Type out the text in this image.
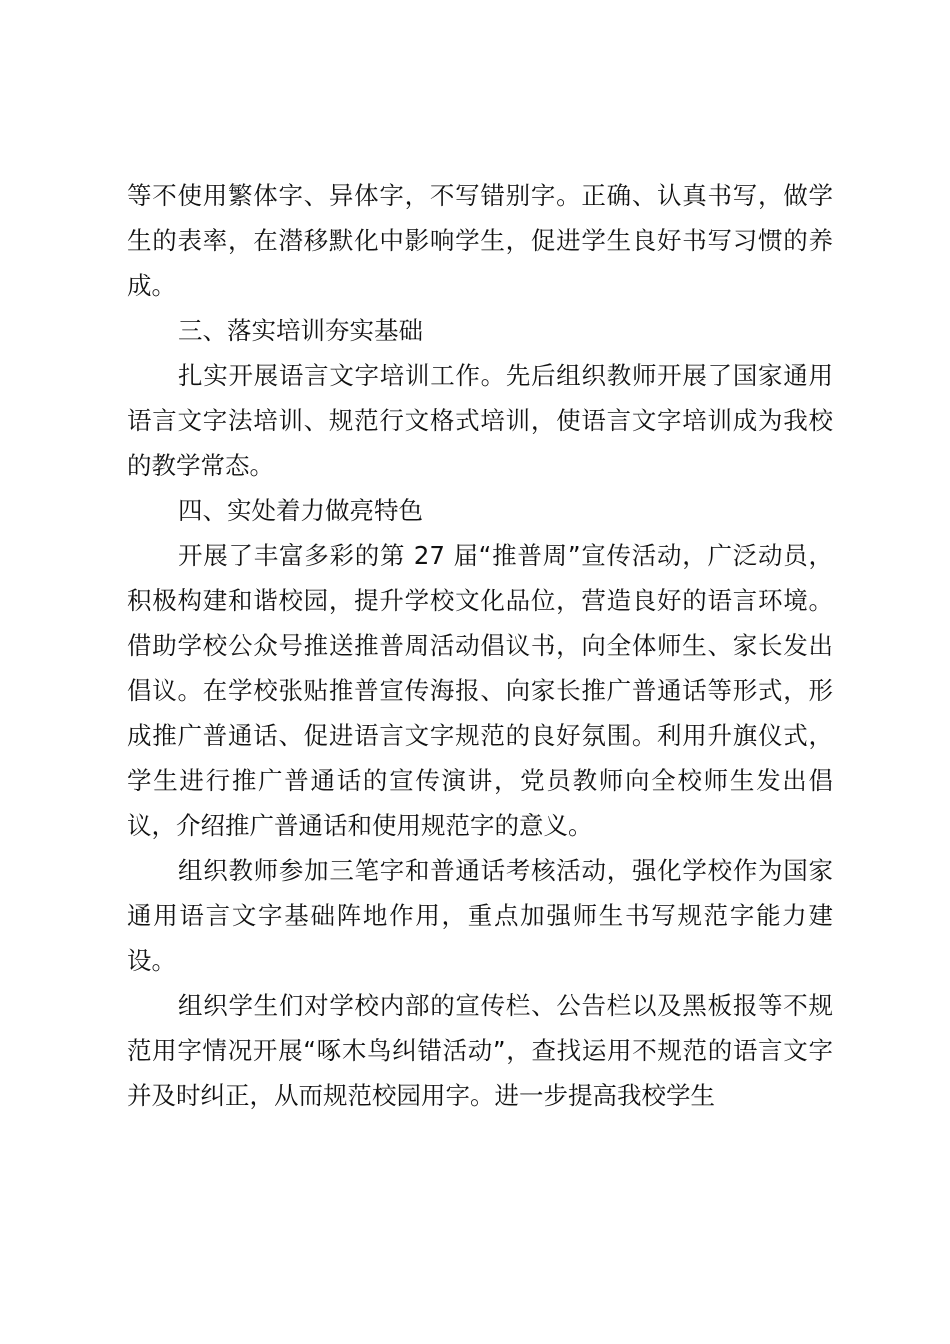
等不使用繁体字、异体字，不写错别字。正确、认真书写，做学生的表率，在潜移默化中影响学生，促进学生良好书写习惯的养成。

三、落实培训夯实基础

扎实开展语言文字培训工作。先后组织教师开展了国家通用语言文字法培训、规范行文格式培训，使语言文字培训成为我校的教学常态。

四、实处着力做亮特色

开展了丰富多彩的第 27 届“推普周”宣传活动，广泛动员，积极构建和谐校园，提升学校文化品位，营造良好的语言环境。借助学校公众号推送推普周活动倡议书，向全体师生、家长发出倡议。在学校张贴推普宣传海报、向家长推广普通话等形式，形成推广普通话、促进语言文字规范的良好氛围。利用升旗仪式，学生进行推广普通话的宣传演讲，党员教师向全校师生发出倡议，介绍推广普通话和使用规范字的意义。

组织教师参加三笔字和普通话考核活动，强化学校作为国家通用语言文字基础阵地作用，重点加强师生书写规范字能力建设。

组织学生们对学校内部的宣传栏、公告栏以及黑板报等不规范用字情况开展“啄木鸟纠错活动”，查找运用不规范的语言文字并及时纠正，从而规范校园用字。进一步提高我校学生
